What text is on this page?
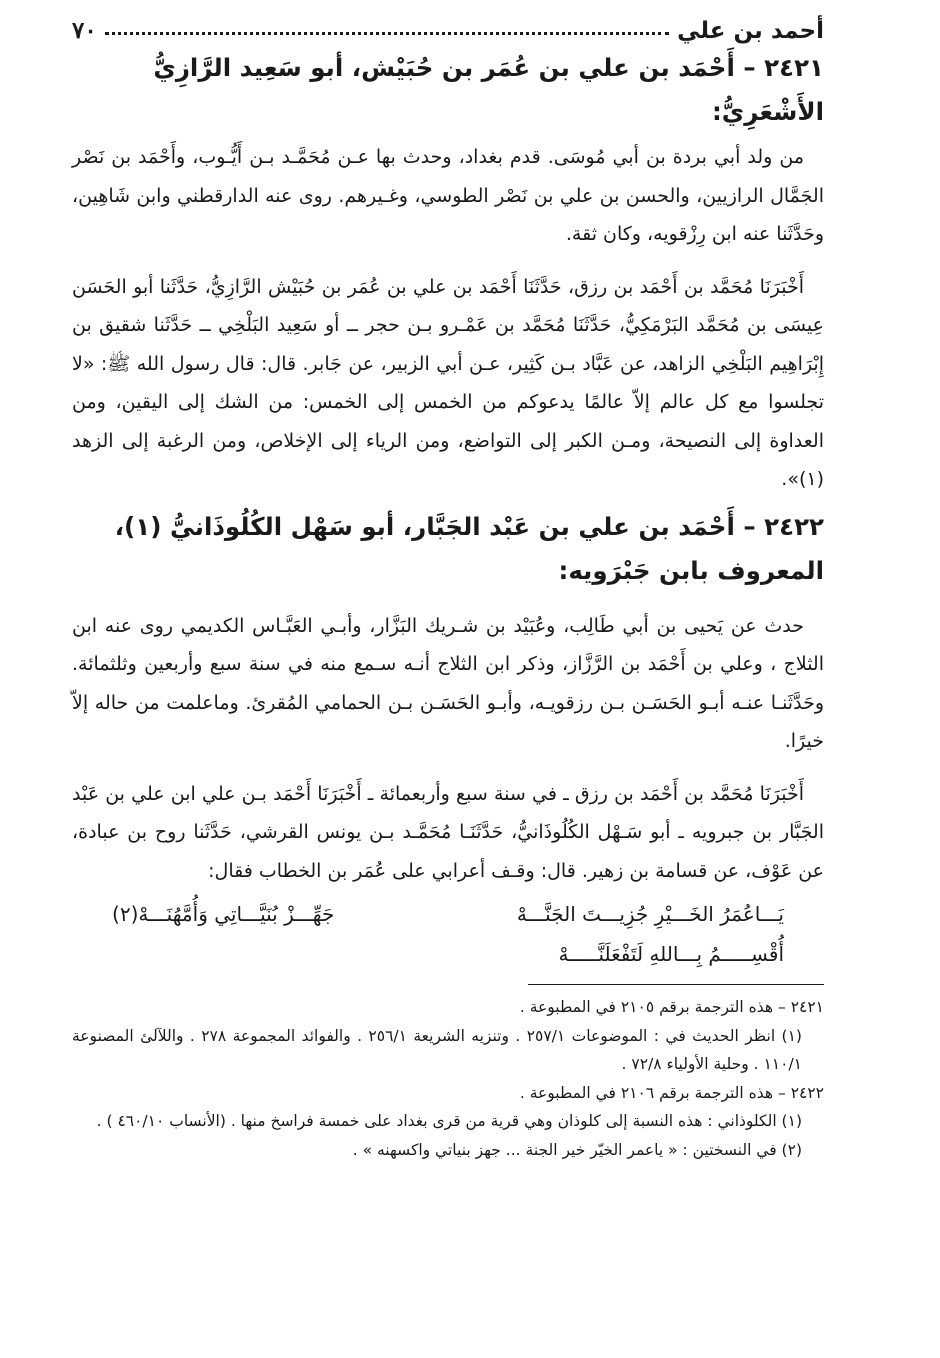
٧٠	أحمد بن علي
٢٤٢١ – أَحْمَد بن علي بن عُمَر بن حُبَيْش، أبو سَعِيد الرَّازِيُّ الأَشْعَرِيُّ:

من ولد أبي بردة بن أبي مُوسَى. قدم بغداد، وحدث بها عـن مُحَمَّـد بـن أَيُّـوب، وأَحْمَد بن نَصْر الجَمَّال الرازيين، والحسن بن علي بن نَصْر الطوسي، وغـيرهم. روى عنه الدارقطني وابن شَاهِين، وحَدَّثَنا عنه ابن رِزْقويه، وكان ثقة.

أَخْبَرَنَا مُحَمَّد بن أَحْمَد بن رزق، حَدَّثَنَا أَحْمَد بن علي بن عُمَر بن حُبَيْش الرَّازِيُّ، حَدَّثَنا أبو الحَسَن عِيسَى بن مُحَمَّد البَرْمَكِيُّ، حَدَّثَنَا مُحَمَّد بن عَمْـرو بـن حجر ــ أو سَعِيد البَلْخِي ــ حَدَّثَنا شقيق بن إِبْرَاهِيم البَلْخِي الزاهد، عن عَبَّاد بـن كَثِير، عـن أبي الزبير، عن جَابر. قال: قال رسول الله ﷺ: «لا تجلسوا مع كل عالم إلاّ عالمًا يدعوكم من الخمس إلى الخمس: من الشك إلى اليقين، ومن العداوة إلى النصيحة، ومـن الكبر إلى التواضع، ومن الرياء إلى الإخلاص، ومن الرغبة إلى الزهد (١)».

٢٤٢٢ – أَحْمَد بن علي بن عَبْد الجَبَّار، أبو سَهْل الكُلُوذَانيُّ (١)، المعروف بابن جَبْرَويه:

حدث عن يَحيى بن أبي طَالِب، وعُبَيْد بن شـريك البَزَّار، وأبـي العَبَّـاس الكديمي روى عنه ابن الثلاج ، وعلي بن أَحْمَد بن الرَّزَّاز، وذكر ابن الثلاج أنـه سـمع منه في سنة سبع وأربعين وثلثمائة. وحَدَّثَنـا عنـه أبـو الحَسَـن بـن رزقويـه، وأبـو الحَسَـن بـن الحمامي المُقرئ. وماعلمت من حاله إلاّ خيرًا.

أَخْبَرَنَا مُحَمَّد بن أَحْمَد بن رزق ـ في سنة سبع وأربعمائة ـ أَخْبَرَنَا أَحْمَد بـن علي ابن علي بن عَبْد الجَبَّار بن جبرويه ـ أبو سَـهْل الكُلُوذَانيُّ، حَدَّثَنَـا مُحَمَّـد بـن يونس القرشي، حَدَّثَنا روح بن عبادة، عن عَوْف، عن قسامة بن زهير. قال: وقـف أعرابي على عُمَر بن الخطاب فقال:

يَـــاعُمَرُ الخَـــيْرِ جُزِيـــتَ الجَنَّـــهْ
جَهِّـــزْ بُنَيَّـــاتِي وَأُمَّهُنَـــهْ(٢)
أُقْسِـــــمُ بِـــاللهِ لَتَفْعَلَنَّـــــهْ

٢٤٢١ – هذه الترجمة برقم ٢١٠٥ في المطبوعة .

(١) انظر الحديث في : الموضوعات ٢٥٧/١ . وتنزيه الشريعة ٢٥٦/١ . والفوائد المجموعة ٢٧٨ . واللآلئ المصنوعة ١١٠/١ . وحلية الأولياء ٧٢/٨ .

٢٤٢٢ – هذه الترجمة برقم ٢١٠٦ في المطبوعة .

(١) الكلوذاني : هذه النسبة إلى كلوذان وهي قرية من قرى بغداد على خمسة فراسخ منها . (الأنساب ٤٦٠/١٠ ) .

(٢) في النسختين : « ياعمر الخيّر خير الجنة ... جهز بنياتي واكسهنه » .
